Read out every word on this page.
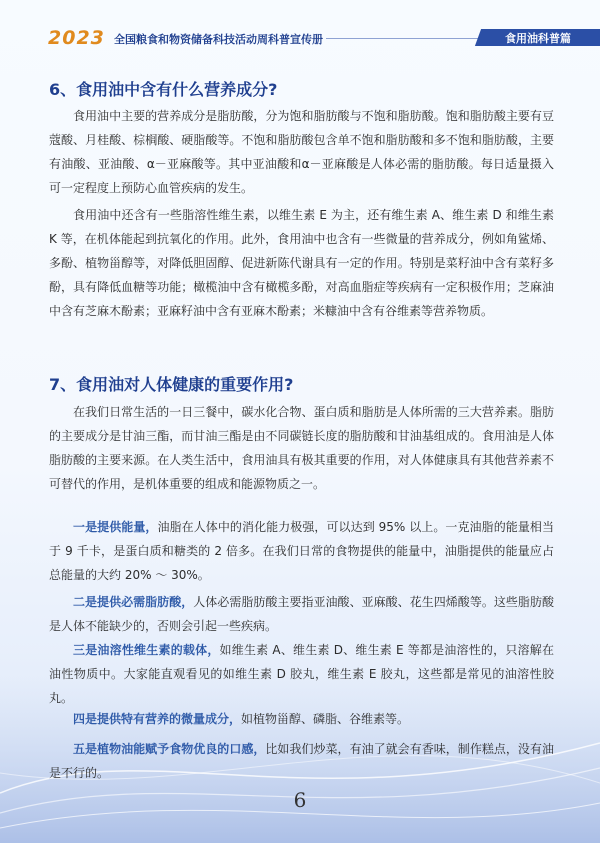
2023 全国粮食和物资储备科技活动周科普宣传册	食用油科普篇
6、食用油中含有什么营养成分?

食用油中主要的营养成分是脂肪酸，分为饱和脂肪酸与不饱和脂肪酸。饱和脂肪酸主要有豆蔻酸、月桂酸、棕榈酸、硬脂酸等。不饱和脂肪酸包含单不饱和脂肪酸和多不饱和脂肪酸，主要有油酸、亚油酸、α－亚麻酸等。其中亚油酸和α－亚麻酸是人体必需的脂肪酸。每日适量摄入可一定程度上预防心血管疾病的发生。

食用油中还含有一些脂溶性维生素，以维生素 E 为主，还有维生素 A、维生素 D 和维生素 K 等，在机体能起到抗氧化的作用。此外，食用油中也含有一些微量的营养成分，例如角鲨烯、多酚、植物甾醇等，对降低胆固醇、促进新陈代谢具有一定的作用。特别是菜籽油中含有菜籽多酚，具有降低血糖等功能；橄榄油中含有橄榄多酚，对高血脂症等疾病有一定积极作用；芝麻油中含有芝麻木酚素；亚麻籽油中含有亚麻木酚素；米糠油中含有谷维素等营养物质。

7、食用油对人体健康的重要作用?

在我们日常生活的一日三餐中，碳水化合物、蛋白质和脂肪是人体所需的三大营养素。脂肪的主要成分是甘油三酯，而甘油三酯是由不同碳链长度的脂肪酸和甘油基组成的。食用油是人体脂肪酸的主要来源。在人类生活中，食用油具有极其重要的作用，对人体健康具有其他营养素不可替代的作用，是机体重要的组成和能源物质之一。

一是提供能量，油脂在人体中的消化能力极强，可以达到 95% 以上。一克油脂的能量相当于 9 千卡，是蛋白质和糖类的 2 倍多。在我们日常的食物提供的能量中，油脂提供的能量应占总能量的大约 20% ～ 30%。

二是提供必需脂肪酸，人体必需脂肪酸主要指亚油酸、亚麻酸、花生四烯酸等。这些脂肪酸是人体不能缺少的，否则会引起一些疾病。

三是油溶性维生素的载体，如维生素 A、维生素 D、维生素 E 等都是油溶性的，只溶解在油性物质中。大家能直观看见的如维生素 D 胶丸，维生素 E 胶丸，这些都是常见的油溶性胶丸。

四是提供特有营养的微量成分，如植物甾醇、磷脂、谷维素等。

五是植物油能赋予食物优良的口感，比如我们炒菜，有油了就会有香味，制作糕点，没有油是不行的。

6
